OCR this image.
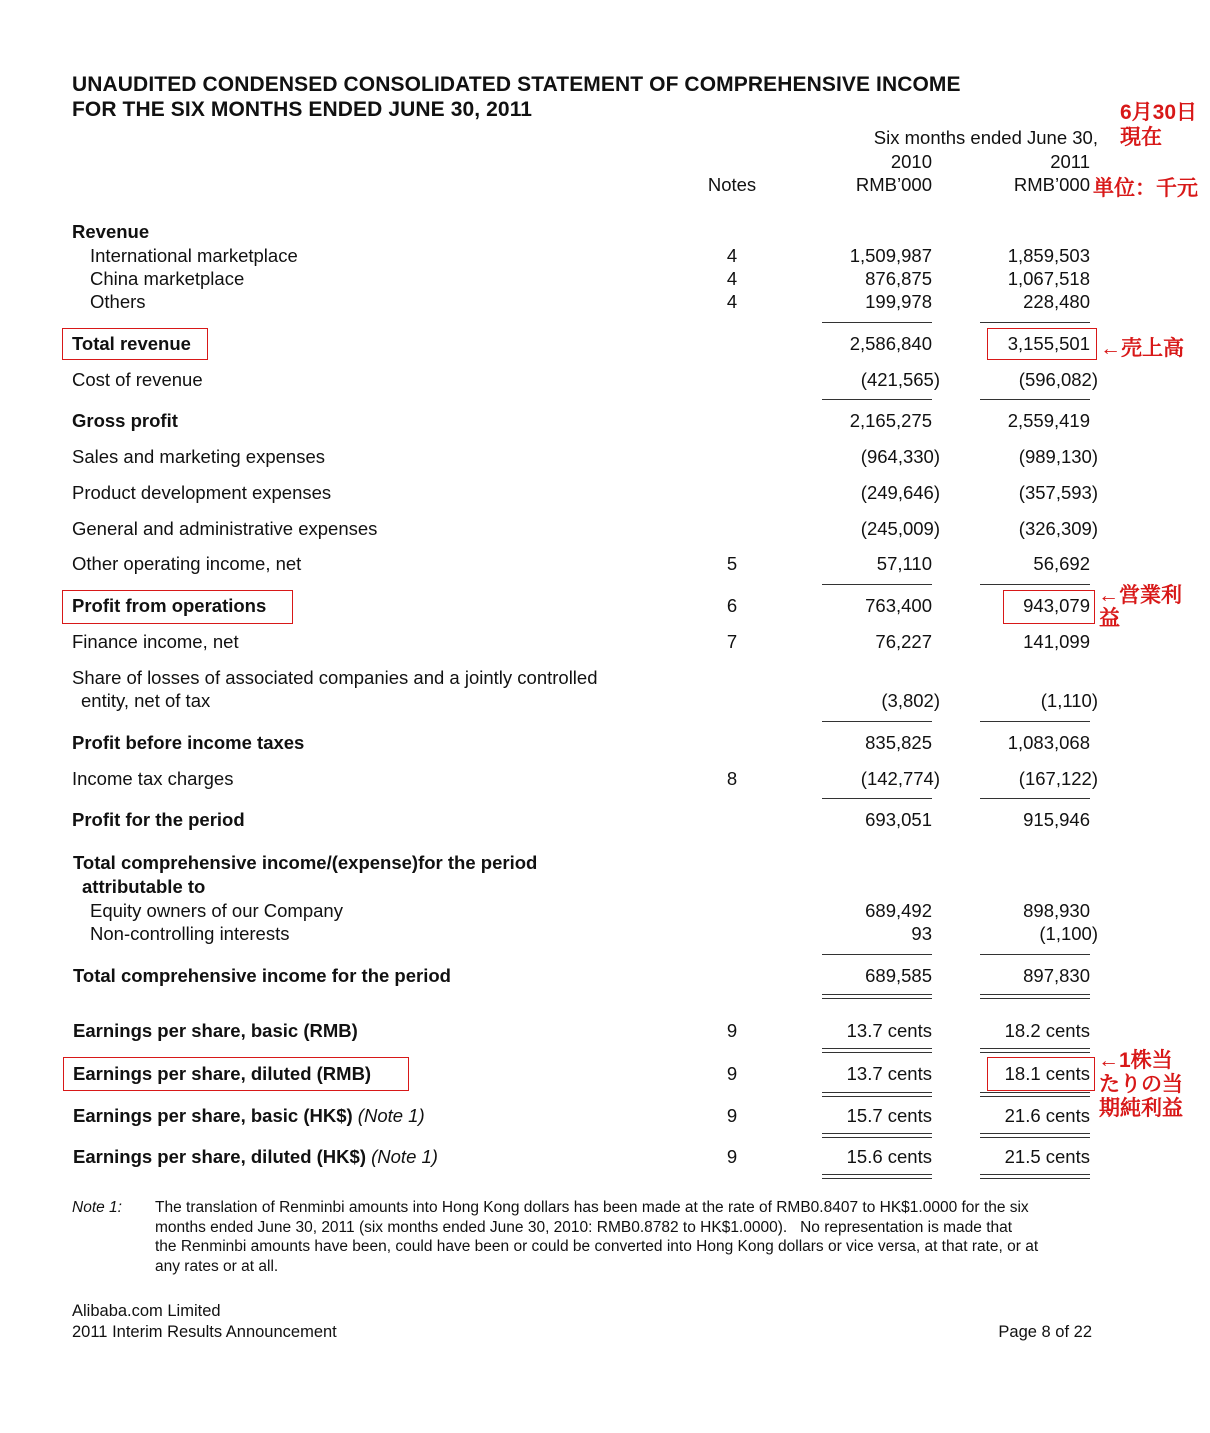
UNAUDITED CONDENSED CONSOLIDATED STATEMENT OF COMPREHENSIVE INCOME
FOR THE SIX MONTHS ENDED JUNE 30, 2011
Six months ended June 30,
2010	2011
Notes	RMB’000	RMB’000
Revenue
International marketplace	4	1,509,987	1,859,503
China marketplace	4	876,875	1,067,518
Others	4	199,978	228,480
Total revenue	2,586,840	3,155,501
Cost of revenue	(421,565)	(596,082)
Gross profit	2,165,275	2,559,419
Sales and marketing expenses	(964,330)	(989,130)
Product development expenses	(249,646)	(357,593)
General and administrative expenses	(245,009)	(326,309)
Other operating income, net	5	57,110	56,692
Profit from operations	6	763,400	943,079
Finance income, net	7	76,227	141,099
Share of losses of associated companies and a jointly controlled
entity, net of tax	(3,802)	(1,110)
Profit before income taxes	835,825	1,083,068
Income tax charges	8	(142,774)	(167,122)
Profit for the period	693,051	915,946
Total comprehensive income/(expense)for the period
attributable to
Equity owners of our Company	689,492	898,930
Non-controlling interests	93	(1,100)
Total comprehensive income for the period	689,585	897,830
Earnings per share, basic (RMB)	9	13.7 cents	18.2 cents
Earnings per share, diluted (RMB)	9	13.7 cents	18.1 cents
Earnings per share, basic (HK$) (Note 1)	9	15.7 cents	21.6 cents
Earnings per share, diluted (HK$) (Note 1)	9	15.6 cents	21.5 cents
6月30日
現在
単位：千元
←売上高
←営業利
益
←1株当
たりの当
期純利益
Note 1: The translation of Renminbi amounts into Hong Kong dollars has been made at the rate of RMB0.8407 to HK$1.0000 for the six
months ended June 30, 2011 (six months ended June 30, 2010: RMB0.8782 to HK$1.0000).   No representation is made that
the Renminbi amounts have been, could have been or could be converted into Hong Kong dollars or vice versa, at that rate, or at
any rates or at all.
Alibaba.com Limited
2011 Interim Results Announcement	Page 8 of 22
